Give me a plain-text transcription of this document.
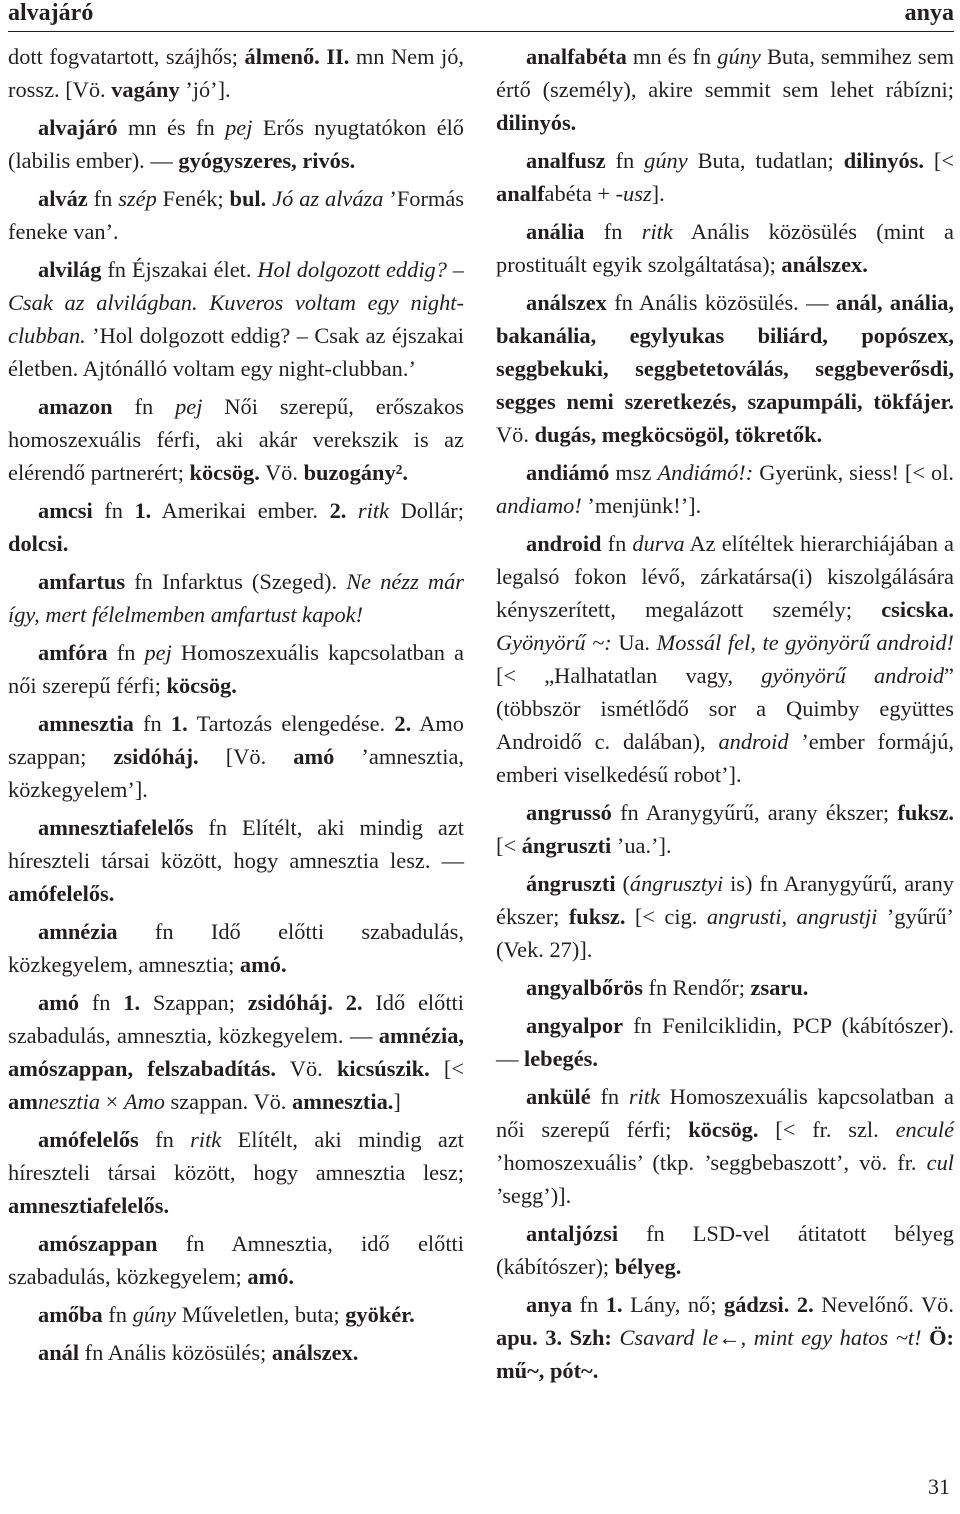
alvajáró	anya

dott fogvatartott, szájhős; álmenő. II. mn Nem jó, rossz. [Vö. vagány ’jó’].

alvajáró mn és fn pej Erős nyugtatókon élő (labilis ember). — gyógyszeres, rivós.

alváz fn szép Fenék; bul. Jó az alváza ’Formás feneke van’.

alvilág fn Éjszakai élet. Hol dolgozott eddig? – Csak az alvilágban. Kuveros voltam egy night-clubban. ’Hol dolgozott eddig? – Csak az éjszakai életben. Ajtónálló voltam egy night-clubban.’

amazon fn pej Női szerepű, erőszakos homoszexuális férfi, aki akár verekszik is az elérendő partnerért; köcsög. Vö. buzogány².

amcsi fn 1. Amerikai ember. 2. ritk Dollár; dolcsi.

amfartus fn Infarktus (Szeged). Ne nézz már így, mert félelmemben amfartust kapok!

amfóra fn pej Homoszexuális kapcsolatban a női szerepű férfi; köcsög.

amnesztia fn 1. Tartozás elengedése. 2. Amo szappan; zsidóháj. [Vö. amó ’amnesztia, közkegyelem’].

amnesztiafelelős fn Elítélt, aki mindig azt híreszteli társai között, hogy amnesztia lesz. — amófelelős.

amnézia fn Idő előtti szabadulás, közkegyelem, amnesztia; amó.

amó fn 1. Szappan; zsidóháj. 2. Idő előtti szabadulás, amnesztia, közkegyelem. — amnézia, amószappan, felszabadítás. Vö. kicsúszik. [< amnesztia × Amo szappan. Vö. amnesztia.]

amófelelős fn ritk Elítélt, aki mindig azt híreszteli társai között, hogy amnesztia lesz; amnesztiafelelős.

amószappan fn Amnesztia, idő előtti szabadulás, közkegyelem; amó.

amőba fn gúny Műveletlen, buta; gyökér.

anál fn Anális közösülés; análszex.

analfabéta mn és fn gúny Buta, semmihez sem értő (személy), akire semmit sem lehet rábízni; dilinyós.

analfusz fn gúny Buta, tudatlan; dilinyós. [< analfabéta + -usz].

anália fn ritk Anális közösülés (mint a prostituált egyik szolgáltatása); análszex.

análszex fn Anális közösülés. — anál, anália, bakanália, egylyukas biliárd, popószex, seggbekuki, seggbetetoválás, seggbeverősdi, segges nemi szeretkezés, szapumpáli, tökfájer. Vö. dugás, megköcsögöl, tökretők.

andiámó msz Andiámó!: Gyerünk, siess! [< ol. andiamo! ’menjünk!’].

android fn durva Az elítéltek hierarchiájában a legalsó fokon lévő, zárkatársa(i) kiszolgálására kényszerített, megalázott személy; csicska. Gyönyörű ~: Ua. Mossál fel, te gyönyörű android! [< „Halhatatlan vagy, gyönyörű android” (többször ismétlődő sor a Quimby együttes Androidő c. dalában), android ’ember formájú, emberi viselkedésű robot’].

angrussó fn Aranygyűrű, arany ékszer; fuksz. [< ángruszti ’ua.’].

ángruszti (ángrusztyi is) fn Aranygyűrű, arany ékszer; fuksz. [< cig. angrusti, angrustji ’gyűrű’ (Vek. 27)].

angyalbőrös fn Rendőr; zsaru.

angyalpor fn Fenilciklidin, PCP (kábítószer). — lebegés.

ankülé fn ritk Homoszexuális kapcsolatban a női szerepű férfi; köcsög. [< fr. szl. enculé ’homoszexuális’ (tkp. ’seggbebaszott’, vö. fr. cul ’segg’)].

antaljózsi fn LSD-vel átitatott bélyeg (kábítószer); bélyeg.

anya fn 1. Lány, nő; gádzsi. 2. Nevelőnő. Vö. apu. 3. Szh: Csavard le←, mint egy hatos ~t! Ö: mű~, pót~.

31
